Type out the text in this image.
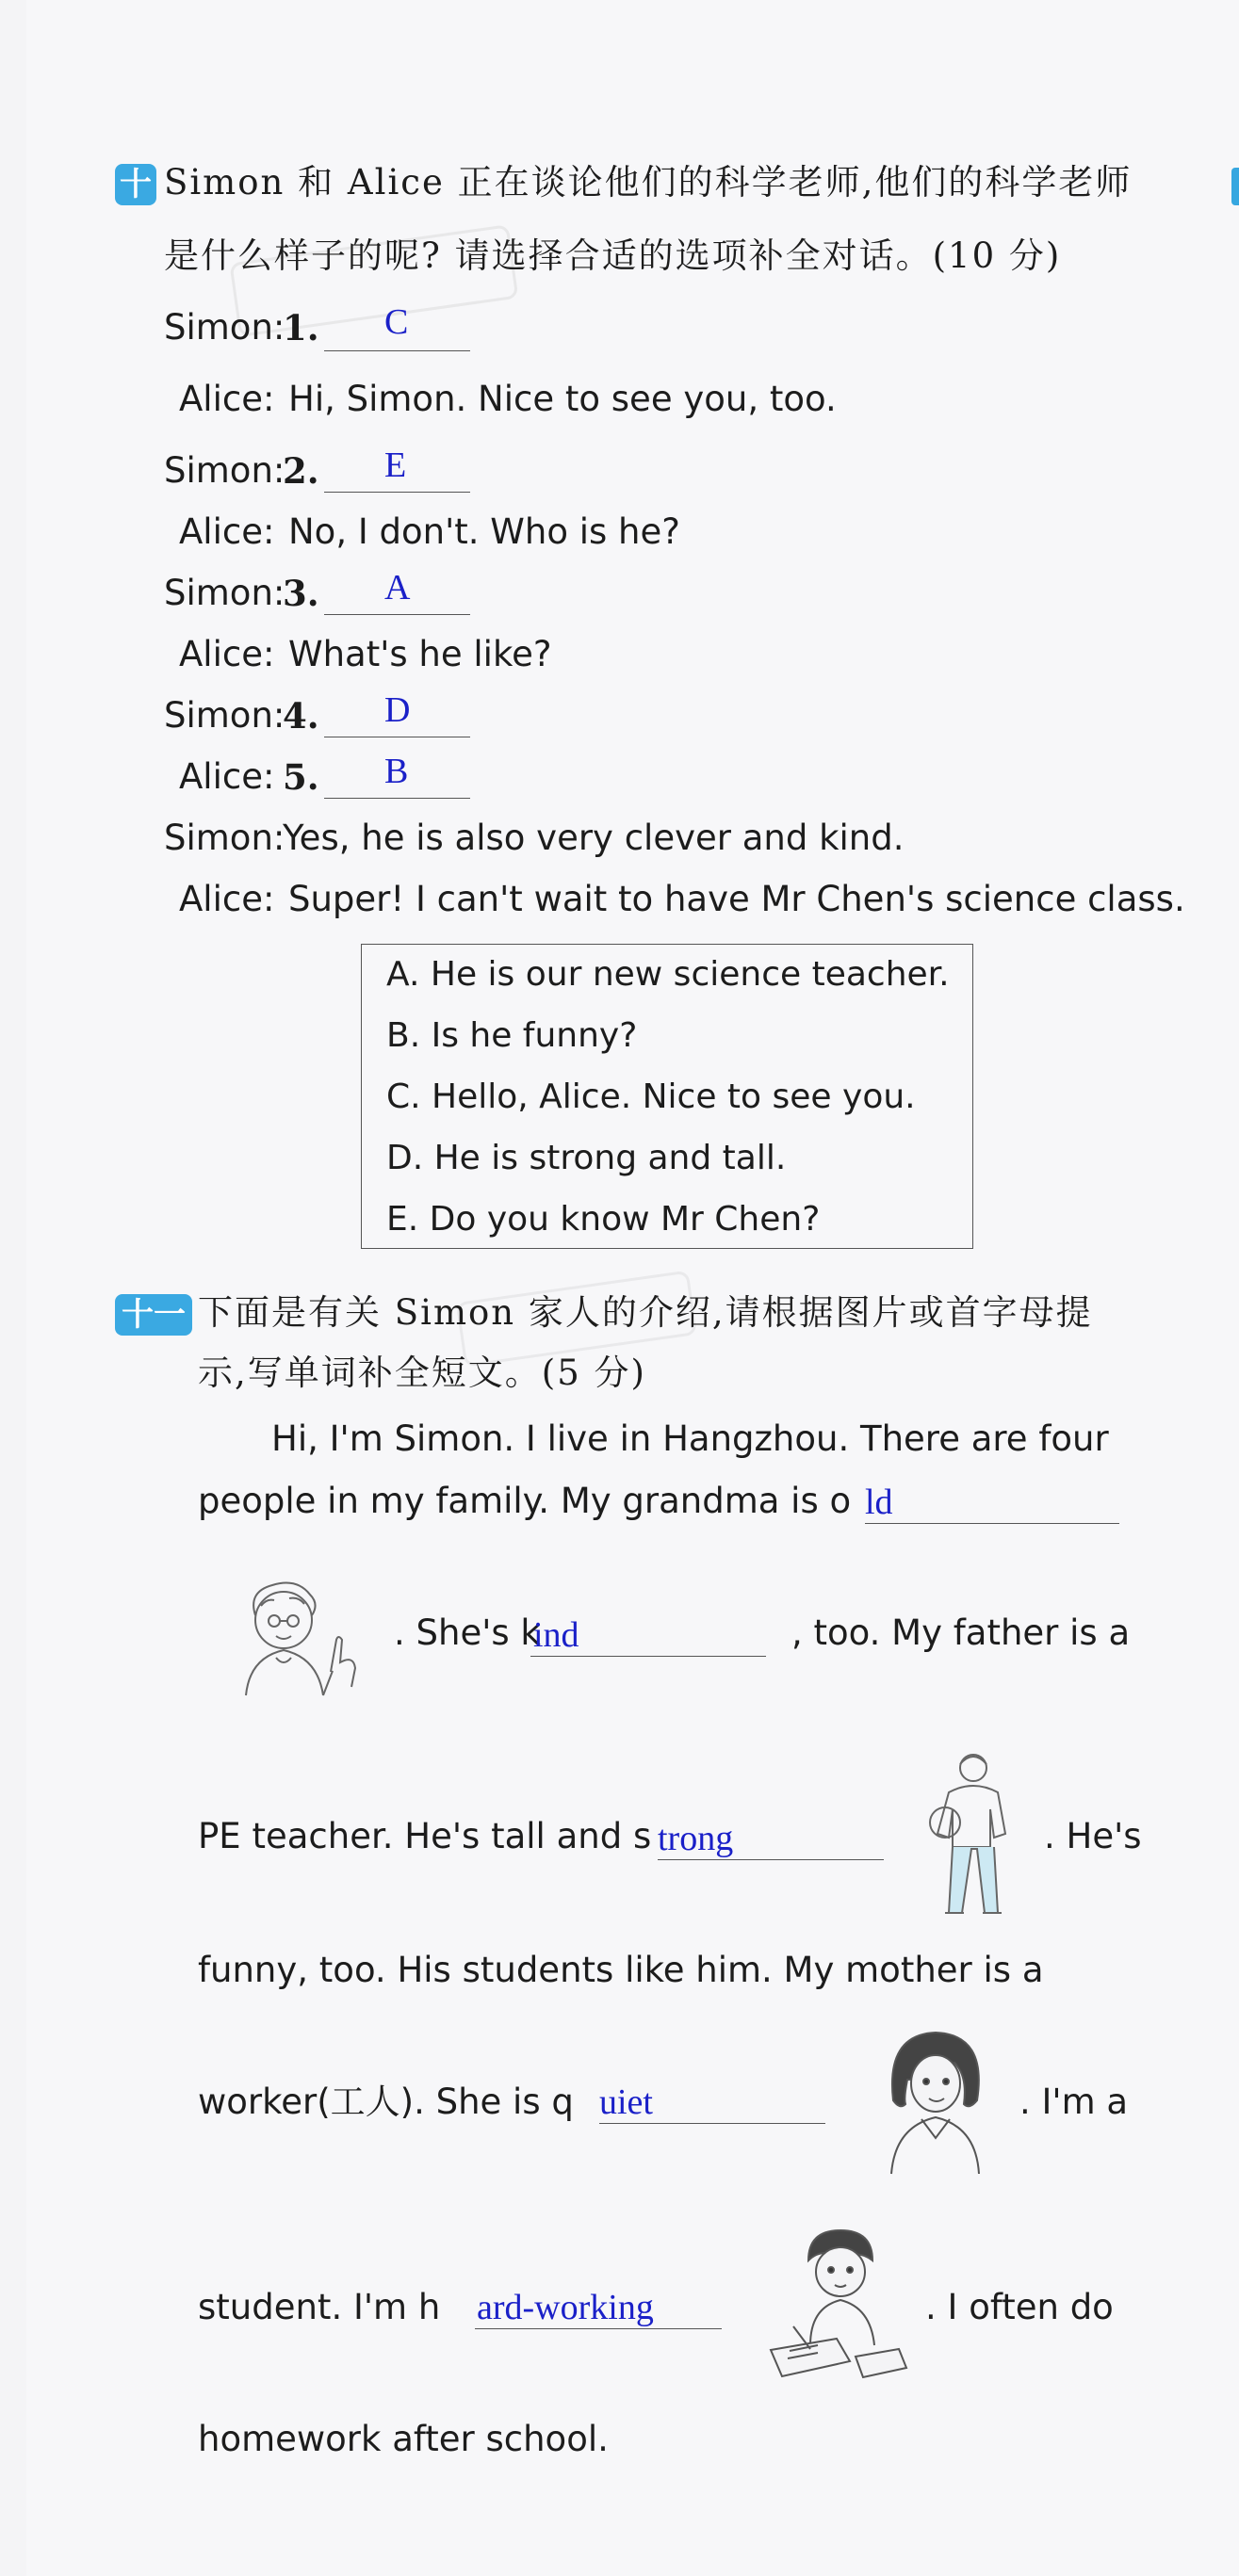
十 Simon 和 Alice 正在谈论他们的科学老师,他们的科学老师
是什么样子的呢? 请选择合适的选项补全对话。(10 分)
Simon:
1. C
Alice: Hi, Simon. Nice to see you, too.
Simon:
2. E
Alice: No, I don't. Who is he?
Simon:
3. A
Alice: What's he like?
Simon:
4. D
Alice: 5. B
Simon:
Yes, he is also very clever and kind.
Alice: Super! I can't wait to have Mr Chen's science class.
A. He is our new science teacher.
B. Is he funny?
C. Hello, Alice. Nice to see you.
D. He is strong and tall.
E. Do you know Mr Chen?
十一 下面是有关 Simon 家人的介绍,请根据图片或首字母提
示,写单词补全短文。(5 分)
Hi, I'm Simon. I live in Hangzhou. There are four
people in my family. My grandma is o ld
. She's k
ind	, too. My father is a
PE teacher. He's tall and s trong	. He's
funny, too. His students like him. My mother is a
worker(工人). She is q uiet	. I'm a
student. I'm h ard-working	. I often do
homework after school.
